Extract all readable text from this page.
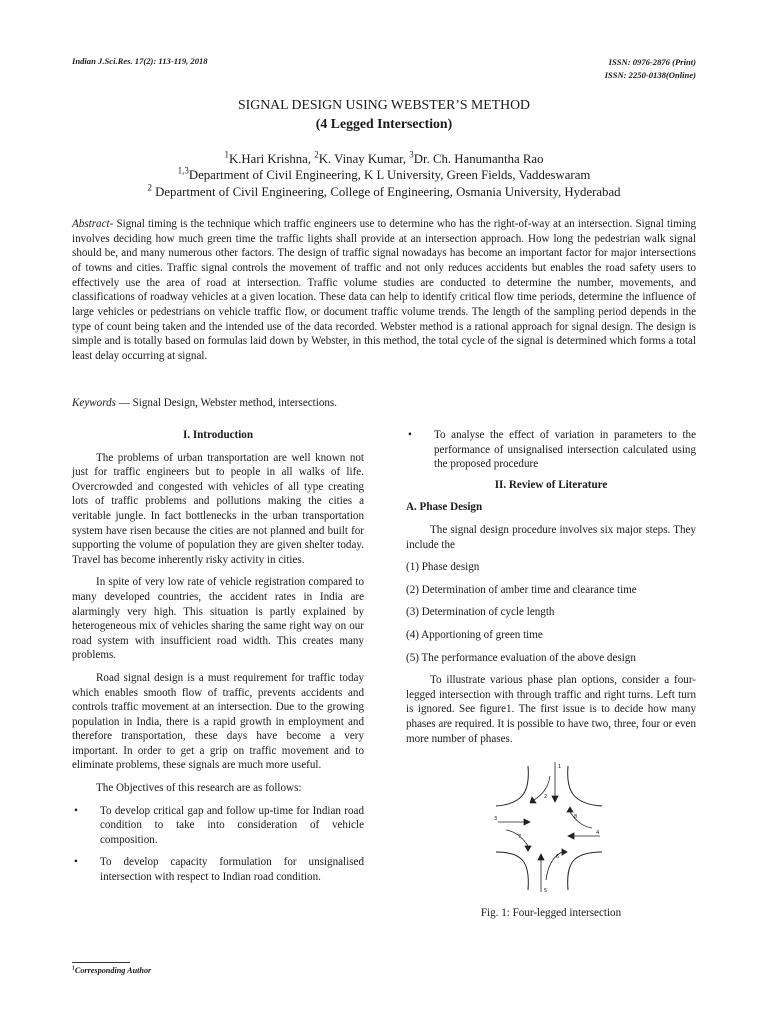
Indian J.Sci.Res. 17(2): 113-119, 2018	ISSN: 0976-2876 (Print)
ISSN: 2250-0138(Online)
SIGNAL DESIGN USING WEBSTER’S METHOD
(4 Legged Intersection)
$^1$K.Hari Krishna, $^2$K. Vinay Kumar, $^3$Dr. Ch. Hanumantha Rao
$^{1,3}$Department of Civil Engineering, K L University, Green Fields, Vaddeswaram
$^2$ Department of Civil Engineering, College of Engineering, Osmania University, Hyderabad
Abstract- Signal timing is the technique which traffic engineers use to determine who has the right-of-way at an intersection. Signal timing involves deciding how much green time the traffic lights shall provide at an intersection approach. How long the pedestrian walk signal should be, and many numerous other factors. The design of traffic signal nowadays has become an important factor for major intersections of towns and cities. Traffic signal controls the movement of traffic and not only reduces accidents but enables the road safety users to effectively use the area of road at intersection. Traffic volume studies are conducted to determine the number, movements, and classifications of roadway vehicles at a given location. These data can help to identify critical flow time periods, determine the influence of large vehicles or pedestrians on vehicle traffic flow, or document traffic volume trends. The length of the sampling period depends in the type of count being taken and the intended use of the data recorded. Webster method is a rational approach for signal design. The design is simple and is totally based on formulas laid down by Webster, in this method, the total cycle of the signal is determined which forms a total least delay occurring at signal.
Keywords — Signal Design, Webster method, intersections.
I. Introduction

The problems of urban transportation are well known not just for traffic engineers but to people in all walks of life. Overcrowded and congested with vehicles of all type creating lots of traffic problems and pollutions making the cities a veritable jungle. In fact bottlenecks in the urban transportation system have risen because the cities are not planned and built for supporting the volume of population they are given shelter today. Travel has become inherently risky activity in cities.

In spite of very low rate of vehicle registration compared to many developed countries, the accident rates in India are alarmingly very high. This situation is partly explained by heterogeneous mix of vehicles sharing the same right way on our road system with insufficient road width. This creates many problems.

Road signal design is a must requirement for traffic today which enables smooth flow of traffic, prevents accidents and controls traffic movement at an intersection. Due to the growing population in India, there is a rapid growth in employment and therefore transportation, these days have become a very important. In order to get a grip on traffic movement and to eliminate problems, these signals are much more useful.

The Objectives of this research are as follows:

•	To develop critical gap and follow up-time for Indian road condition to take into consideration of vehicle composition.
•	To develop capacity formulation for unsignalised intersection with respect to Indian road condition.
•	To analyse the effect of variation in parameters to the performance of unsignalised intersection calculated using the proposed procedure
II. Review of Literature
A. Phase Design

The signal design procedure involves six major steps. They include the

(1) Phase design

(2) Determination of amber time and clearance time

(3) Determination of cycle length

(4) Apportioning of green time

(5) The performance evaluation of the above design

To illustrate various phase plan options, consider a four-legged intersection with through traffic and right turns. Left turn is ignored. See figure1. The first issue is to decide how many phases are required. It is possible to have two, three, four or even more number of phases.

1
2
3
4
5
6
7
8
Fig. 1: Four-legged intersection
$^1$Corresponding Author
